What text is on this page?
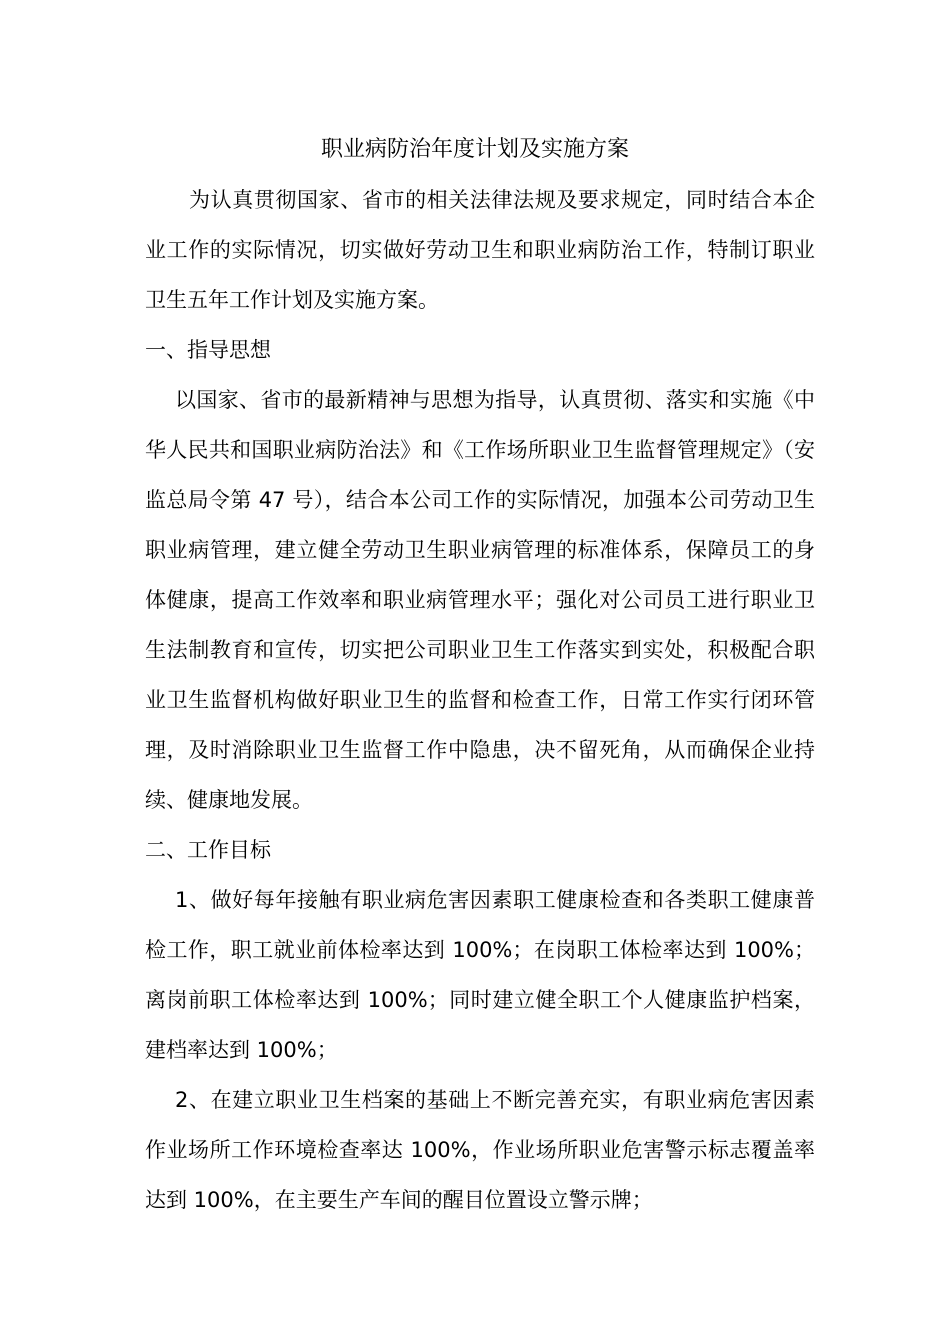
职业病防治年度计划及实施方案

为认真贯彻国家、省市的相关法律法规及要求规定，同时结合本企业工作的实际情况，切实做好劳动卫生和职业病防治工作，特制订职业卫生五年工作计划及实施方案。

一、指导思想

以国家、省市的最新精神与思想为指导，认真贯彻、落实和实施《中华人民共和国职业病防治法》和《工作场所职业卫生监督管理规定》（安监总局令第 47 号），结合本公司工作的实际情况，加强本公司劳动卫生职业病管理，建立健全劳动卫生职业病管理的标准体系，保障员工的身体健康，提高工作效率和职业病管理水平；强化对公司员工进行职业卫生法制教育和宣传，切实把公司职业卫生工作落实到实处，积极配合职业卫生监督机构做好职业卫生的监督和检查工作，日常工作实行闭环管理，及时消除职业卫生监督工作中隐患，决不留死角，从而确保企业持续、健康地发展。

二、工作目标

1、做好每年接触有职业病危害因素职工健康检查和各类职工健康普检工作，职工就业前体检率达到 100%；在岗职工体检率达到 100%；离岗前职工体检率达到 100%；同时建立健全职工个人健康监护档案，建档率达到 100%；

2、在建立职业卫生档案的基础上不断完善充实，有职业病危害因素作业场所工作环境检查率达 100%，作业场所职业危害警示标志覆盖率达到 100%，在主要生产车间的醒目位置设立警示牌；
